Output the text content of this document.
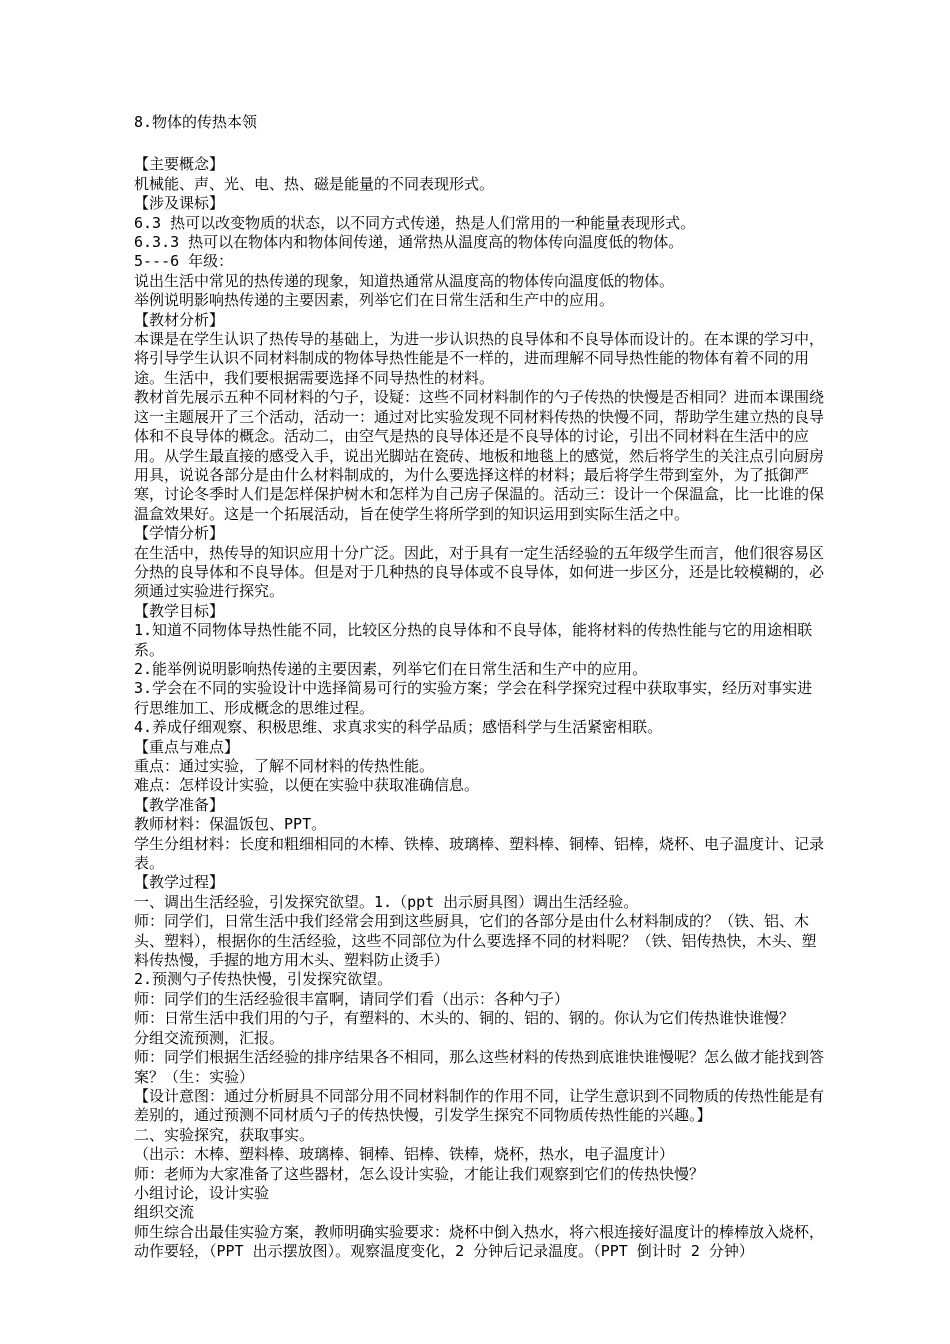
8.物体的传热本领

【主要概念】

机械能、声、光、电、热、磁是能量的不同表现形式。

【涉及课标】

6.3 热可以改变物质的状态，以不同方式传递，热是人们常用的一种能量表现形式。

6.3.3 热可以在物体内和物体间传递，通常热从温度高的物体传向温度低的物体。

5---6 年级：

说出生活中常见的热传递的现象，知道热通常从温度高的物体传向温度低的物体。

举例说明影响热传递的主要因素，列举它们在日常生活和生产中的应用。

【教材分析】

本课是在学生认识了热传导的基础上，为进一步认识热的良导体和不良导体而设计的。在本课的学习中，将引导学生认识不同材料制成的物体导热性能是不一样的，进而理解不同导热性能的物体有着不同的用途。生活中，我们要根据需要选择不同导热性的材料。

教材首先展示五种不同材料的勺子，设疑：这些不同材料制作的勺子传热的快慢是否相同？进而本课围绕这一主题展开了三个活动，活动一：通过对比实验发现不同材料传热的快慢不同，帮助学生建立热的良导体和不良导体的概念。活动二，由空气是热的良导体还是不良导体的讨论，引出不同材料在生活中的应用。从学生最直接的感受入手，说出光脚站在瓷砖、地板和地毯上的感觉，然后将学生的关注点引向厨房用具，说说各部分是由什么材料制成的，为什么要选择这样的材料；最后将学生带到室外，为了抵御严寒，讨论冬季时人们是怎样保护树木和怎样为自己房子保温的。活动三：设计一个保温盒，比一比谁的保温盒效果好。这是一个拓展活动，旨在使学生将所学到的知识运用到实际生活之中。

【学情分析】

在生活中，热传导的知识应用十分广泛。因此，对于具有一定生活经验的五年级学生而言，他们很容易区分热的良导体和不良导体。但是对于几种热的良导体或不良导体，如何进一步区分，还是比较模糊的，必须通过实验进行探究。

【教学目标】

1.知道不同物体导热性能不同，比较区分热的良导体和不良导体，能将材料的传热性能与它的用途相联系。

2.能举例说明影响热传递的主要因素，列举它们在日常生活和生产中的应用。

3.学会在不同的实验设计中选择简易可行的实验方案；学会在科学探究过程中获取事实，经历对事实进行思维加工、形成概念的思维过程。

4.养成仔细观察、积极思维、求真求实的科学品质；感悟科学与生活紧密相联。

【重点与难点】

重点：通过实验，了解不同材料的传热性能。

难点：怎样设计实验，以便在实验中获取准确信息。

【教学准备】

教师材料：保温饭包、PPT。

学生分组材料：长度和粗细相同的木棒、铁棒、玻璃棒、塑料棒、铜棒、铝棒，烧杯、电子温度计、记录表。

【教学过程】

一、调出生活经验，引发探究欲望。1.（ppt 出示厨具图）调出生活经验。

师：同学们，日常生活中我们经常会用到这些厨具，它们的各部分是由什么材料制成的？（铁、铝、木头、塑料），根据你的生活经验，这些不同部位为什么要选择不同的材料呢？（铁、铝传热快，木头、塑料传热慢，手握的地方用木头、塑料防止烫手）

2.预测勺子传热快慢，引发探究欲望。

师：同学们的生活经验很丰富啊，请同学们看（出示：各种勺子）

师：日常生活中我们用的勺子，有塑料的、木头的、铜的、铝的、钢的。你认为它们传热谁快谁慢？

分组交流预测，汇报。

师：同学们根据生活经验的排序结果各不相同，那么这些材料的传热到底谁快谁慢呢？怎么做才能找到答案？（生：实验）

【设计意图：通过分析厨具不同部分用不同材料制作的作用不同，让学生意识到不同物质的传热性能是有差别的，通过预测不同材质勺子的传热快慢，引发学生探究不同物质传热性能的兴趣。】

二、实验探究，获取事实。

（出示：木棒、塑料棒、玻璃棒、铜棒、铝棒、铁棒，烧杯，热水，电子温度计）

师：老师为大家准备了这些器材，怎么设计实验，才能让我们观察到它们的传热快慢？

小组讨论，设计实验

组织交流

师生综合出最佳实验方案，教师明确实验要求：烧杯中倒入热水，将六根连接好温度计的棒棒放入烧杯，动作要轻，（PPT 出示摆放图）。观察温度变化，2 分钟后记录温度。（PPT 倒计时 2 分钟）
